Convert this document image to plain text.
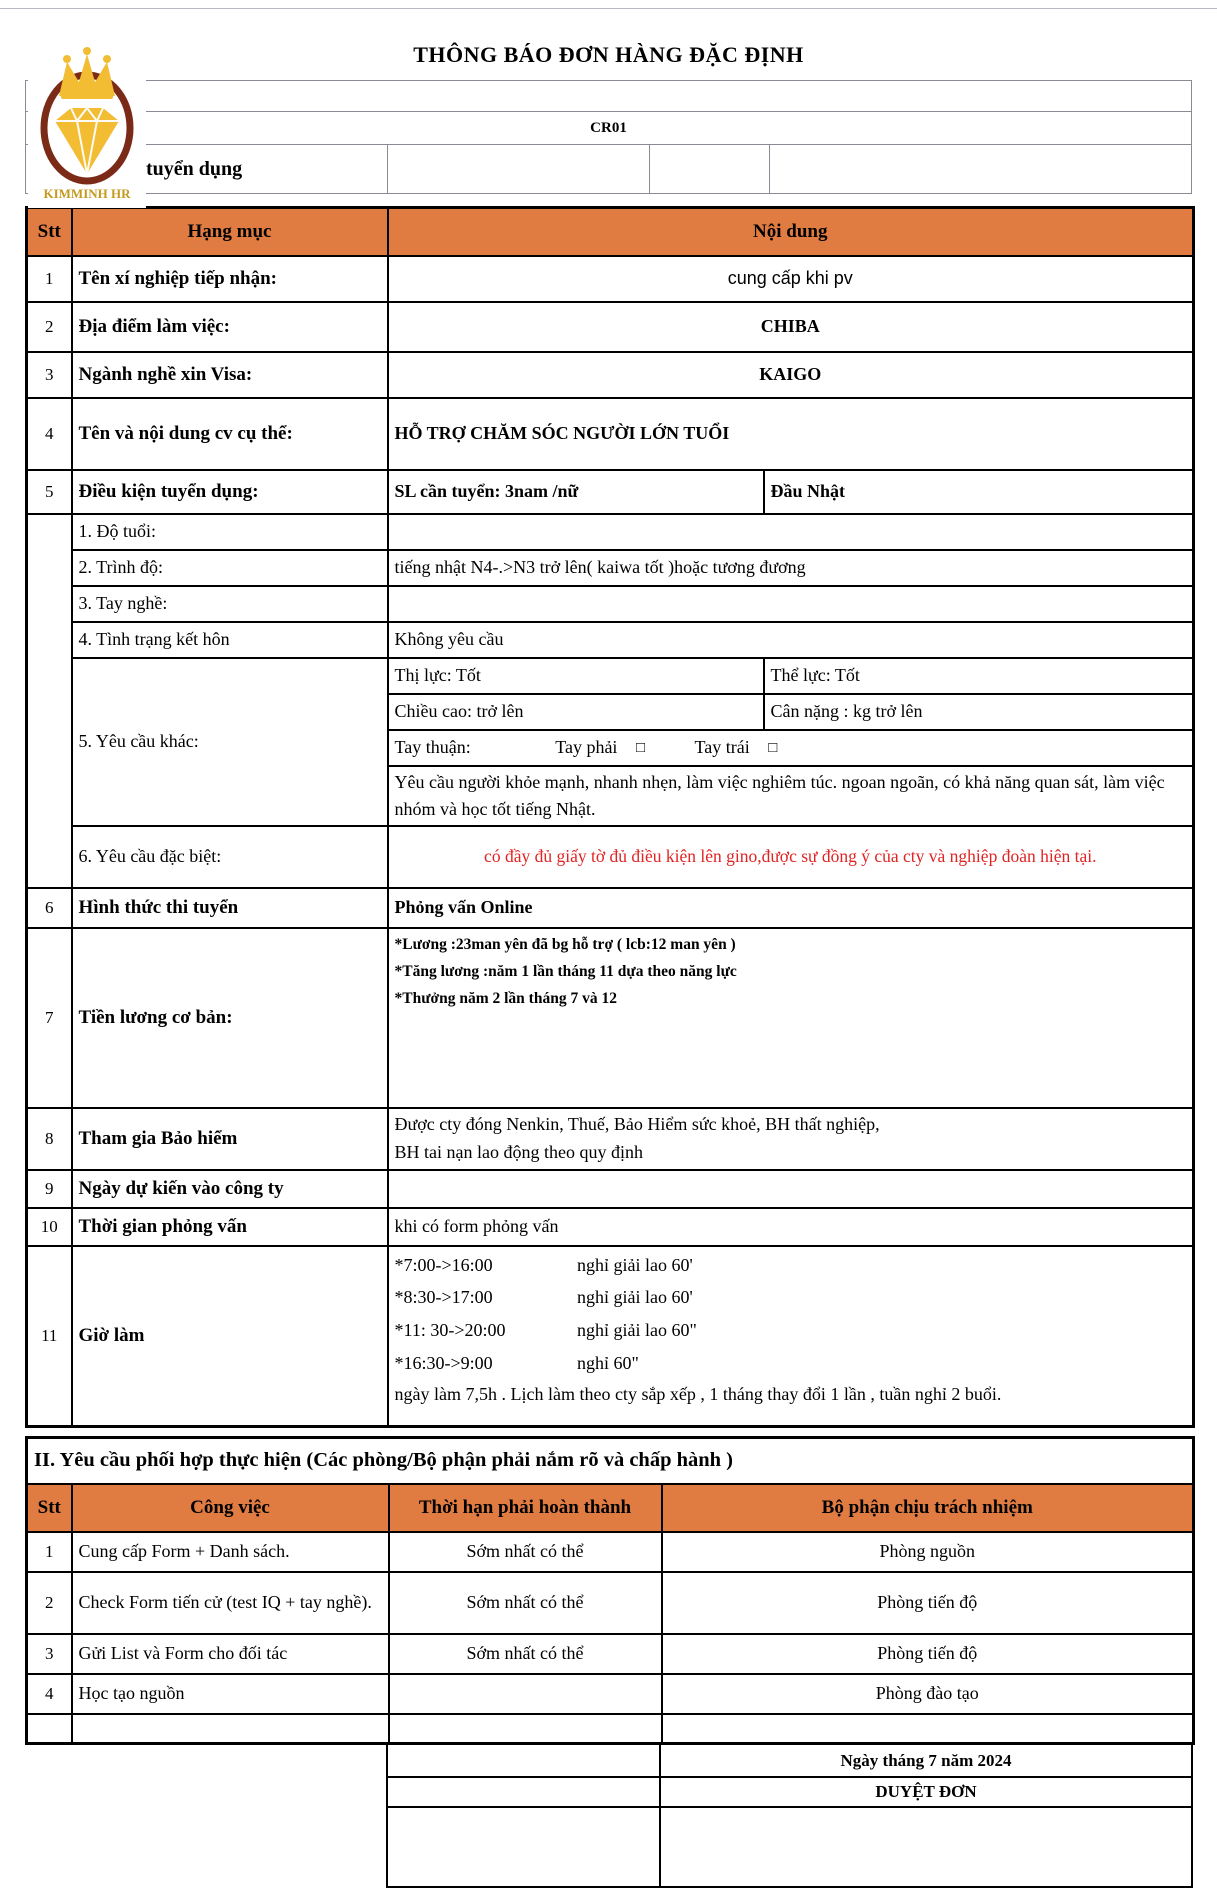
THÔNG BÁO ĐƠN HÀNG ĐẶC ĐỊNH
CR01
tuyển dụng
KIMMINH HR
Stt	Hạng mục	Nội dung	
1	Tên xí nghiệp tiếp nhận:	cung cấp khi pv	
2	Địa điểm làm việc:	CHIBA	
3	Ngành nghề xin Visa:	KAIGO	
4	Tên và nội dung cv cụ thể:	HỖ TRỢ CHĂM SÓC NGƯỜI LỚN TUỔI	
5	Điều kiện tuyển dụng:	SL cần tuyển: 3nam /nữ	Đầu Nhật
	1. Độ tuổi:		
	2. Trình độ:	tiếng nhật N4-.>N3 trở lên( kaiwa tốt )hoặc tương đương	
	3. Tay nghề:		
	4. Tình trạng kết hôn	Không yêu cầu	
	5. Yêu cầu khác:	Thị lực: Tốt	Thể lực: Tốt
		Chiều cao: trở lên	Cân nặng : kg trở lên
		Tay thuận: Tay phải □ Tay trái □	
		Yêu cầu người khỏe mạnh, nhanh nhẹn, làm việc nghiêm túc. ngoan ngoãn, có khả năng quan sát, làm việc nhóm và học tốt tiếng Nhật.	
	6. Yêu cầu đặc biệt:	có đầy đủ giấy tờ đủ điều kiện lên gino,được sự đồng ý của cty và nghiệp đoàn hiện tại.	
6	Hình thức thi tuyển	Phỏng vấn Online	
7	Tiền lương cơ bản:	*Lương :23man yên đã bg hỗ trợ ( lcb:12 man yên )
*Tăng lương :năm 1 lần tháng 11 dựa theo năng lực
*Thưởng năm 2 lần tháng 7 và 12	

8	Tham gia Bảo hiểm	Được cty đóng Nenkin, Thuế, Bảo Hiểm sức khoẻ, BH thất nghiệp,
BH tai nạn lao động theo quy định	

9	Ngày dự kiến vào công ty		
10	Thời gian phỏng vấn	khi có form phỏng vấn	
11	Giờ làm	*7:00->16:00 nghỉ giải lao 60'
*8:30->17:00 nghỉ giải lao 60'
*11: 30->20:00 nghỉ giải lao 60"
*16:30->9:00 nghỉ 60"
ngày làm 7,5h . Lịch làm theo cty sắp xếp , 1 tháng thay đổi 1 lần , tuần nghỉ 2 buổi.	
II. Yêu cầu phối hợp thực hiện (Các phòng/Bộ phận phải nắm rõ và chấp hành )			
Stt	Công việc	Thời hạn phải hoàn thành	Bộ phận chịu trách nhiệm
1	Cung cấp Form + Danh sách.	Sớm nhất có thể	Phòng nguồn
2	Check Form tiến cử (test IQ + tay nghề).	Sớm nhất có thể	Phòng tiến độ
3	Gửi List và Form cho đối tác	Sớm nhất có thể	Phòng tiến độ
4	Học tạo nguồn		Phòng đào tạo

		Ngày tháng 7 năm 2024
		DUYỆT ĐƠN
